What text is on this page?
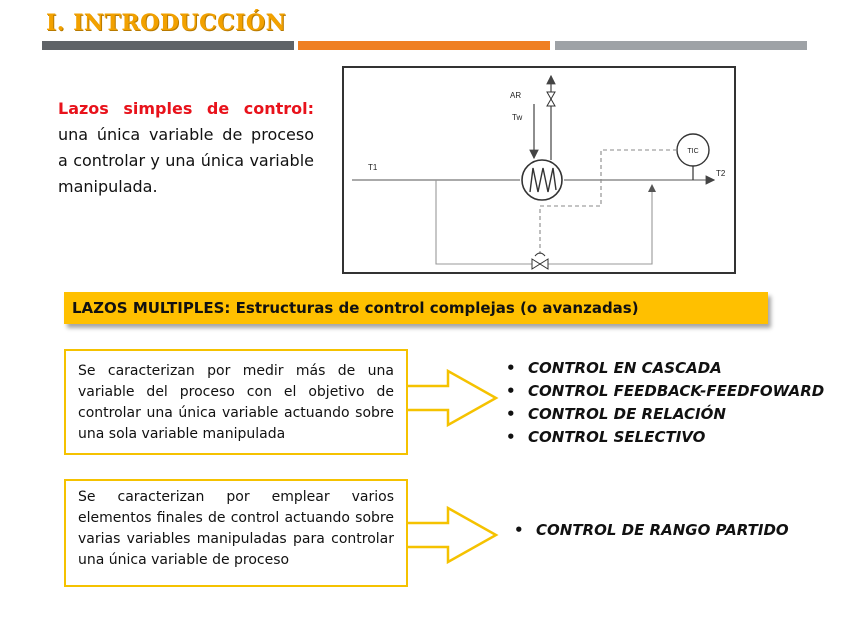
I. INTRODUCCIÓN
Lazos simples de control: una única variable de proceso a controlar y una única variable manipulada.
AR
Tw
T1
T2
TIC
LAZOS MULTIPLES: Estructuras de control complejas (o avanzadas)
Se caracterizan por medir más de una variable del proceso con el objetivo de controlar una única variable actuando sobre una sola variable manipulada
• CONTROL EN CASCADA
• CONTROL FEEDBACK-FEEDFOWARD
• CONTROL DE RELACIÓN
• CONTROL SELECTIVO
Se caracterizan por emplear varios elementos finales de control actuando sobre varias variables manipuladas para controlar una única variable de proceso
• CONTROL DE RANGO PARTIDO
